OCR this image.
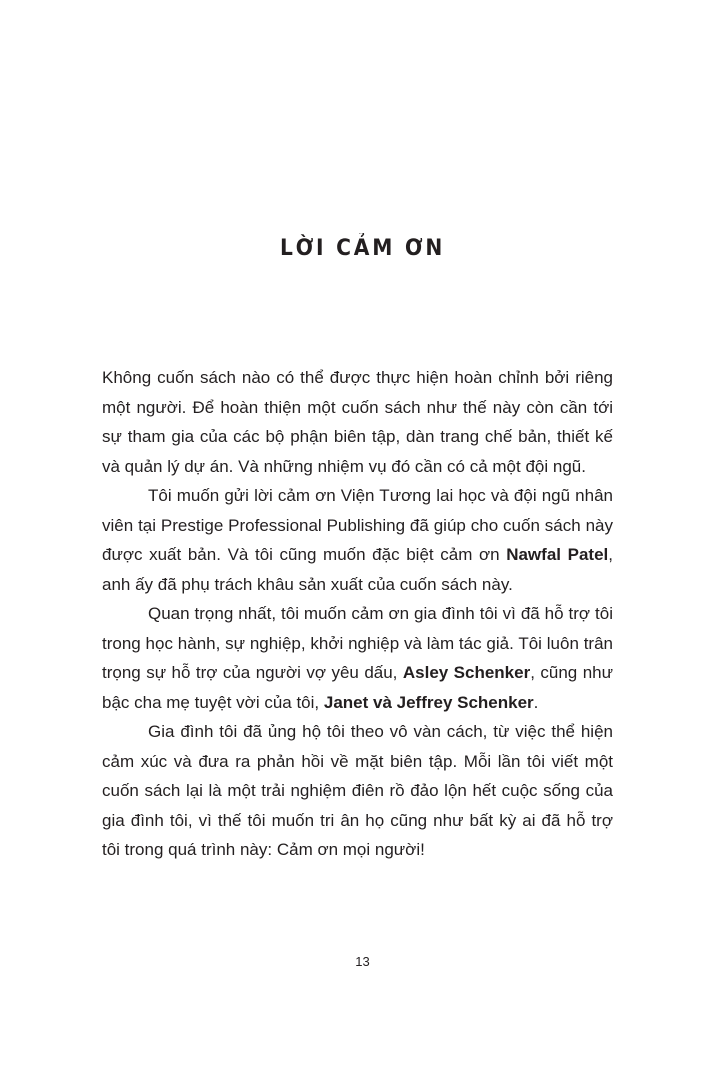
LỜI CẢM ƠN

Không cuốn sách nào có thể được thực hiện hoàn chỉnh bởi riêng một người. Để hoàn thiện một cuốn sách như thế này còn cần tới sự tham gia của các bộ phận biên tập, dàn trang chế bản, thiết kế và quản lý dự án. Và những nhiệm vụ đó cần có cả một đội ngũ.

Tôi muốn gửi lời cảm ơn Viện Tương lai học và đội ngũ nhân viên tại Prestige Professional Publishing đã giúp cho cuốn sách này được xuất bản. Và tôi cũng muốn đặc biệt cảm ơn Nawfal Patel, anh ấy đã phụ trách khâu sản xuất của cuốn sách này.

Quan trọng nhất, tôi muốn cảm ơn gia đình tôi vì đã hỗ trợ tôi trong học hành, sự nghiệp, khởi nghiệp và làm tác giả. Tôi luôn trân trọng sự hỗ trợ của người vợ yêu dấu, Asley Schenker, cũng như bậc cha mẹ tuyệt vời của tôi, Janet và Jeffrey Schenker.

Gia đình tôi đã ủng hộ tôi theo vô vàn cách, từ việc thể hiện cảm xúc và đưa ra phản hồi về mặt biên tập. Mỗi lần tôi viết một cuốn sách lại là một trải nghiệm điên rồ đảo lộn hết cuộc sống của gia đình tôi, vì thế tôi muốn tri ân họ cũng như bất kỳ ai đã hỗ trợ tôi trong quá trình này: Cảm ơn mọi người!

13
